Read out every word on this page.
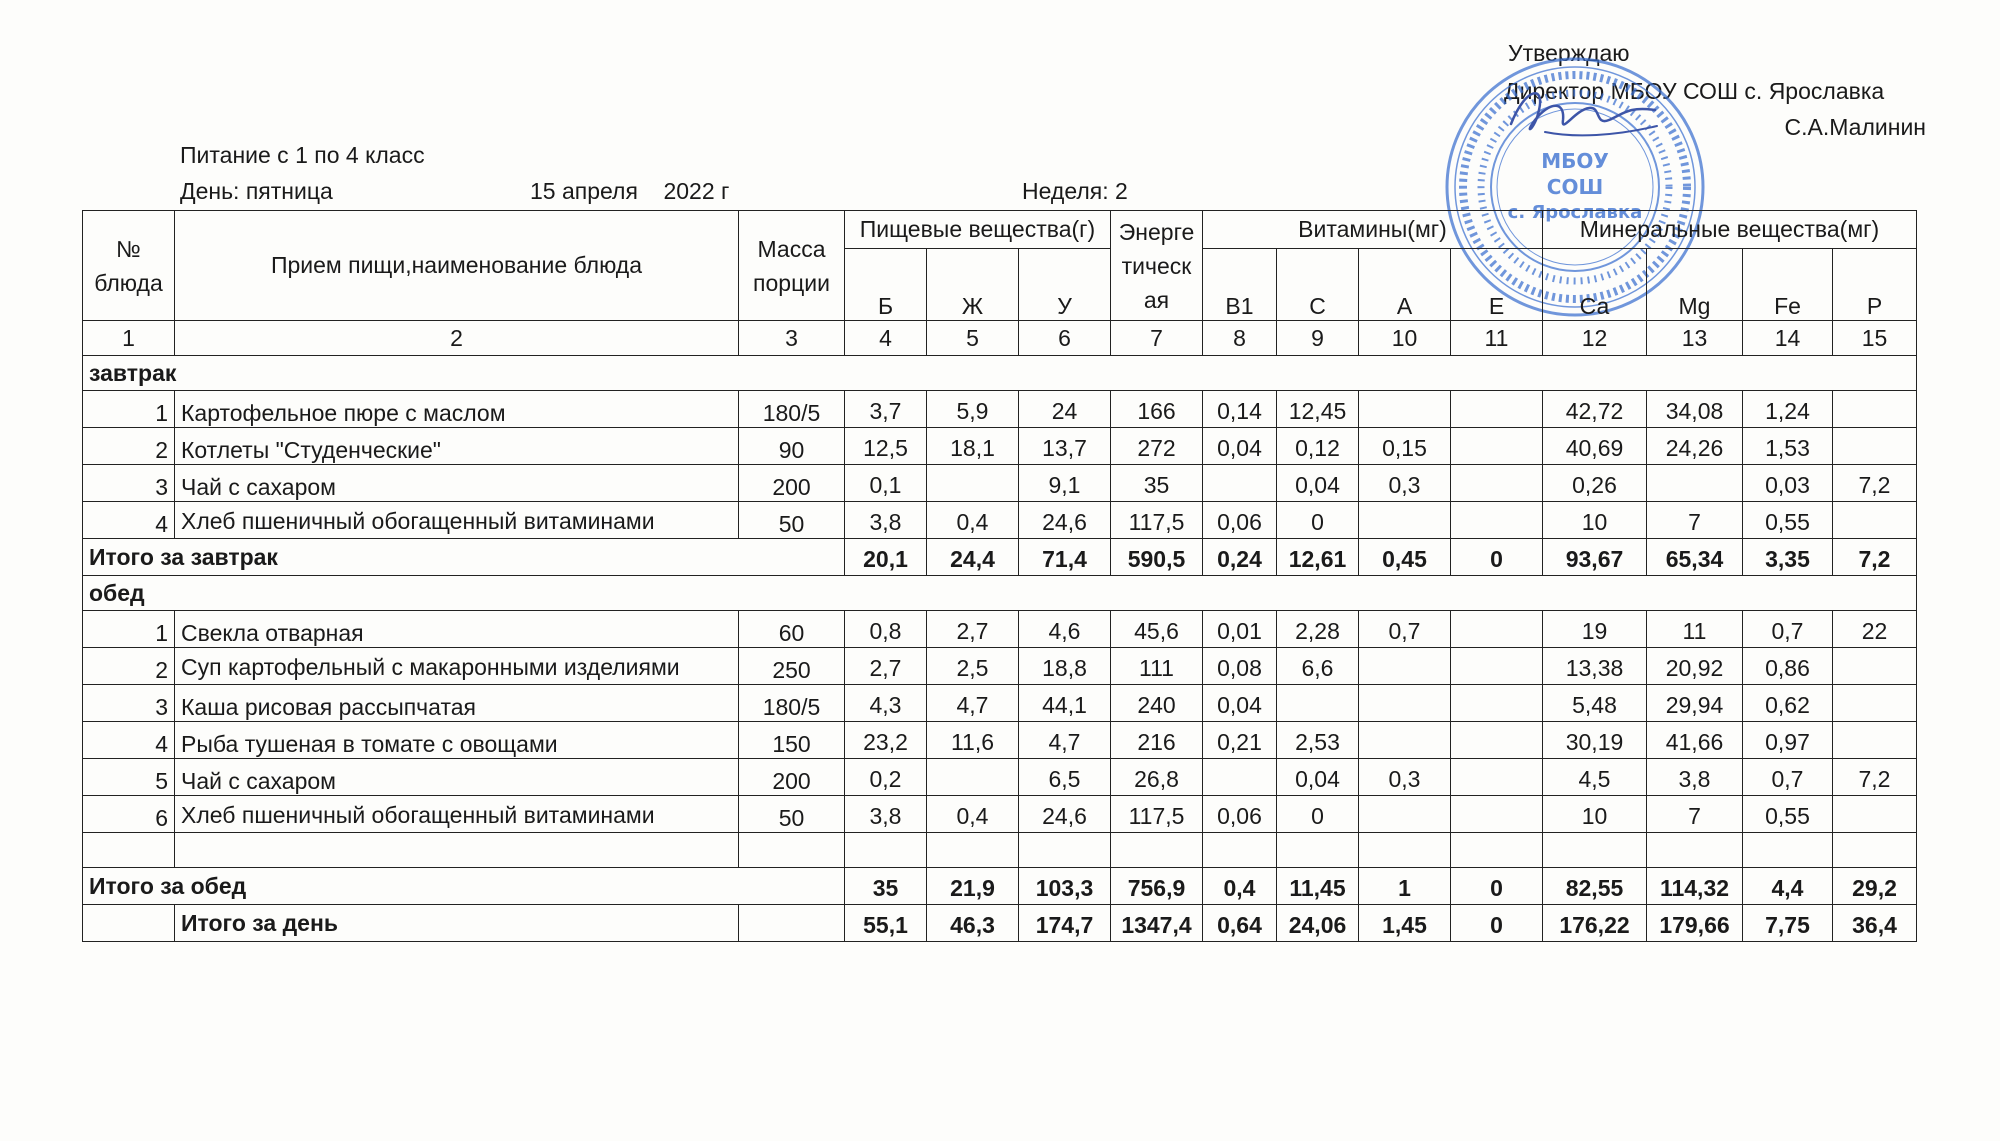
Утверждаю
Директор МБОУ СОШ с. Ярославка
С.А.Малинин
МБОУ
СОШ
с. Ярославка
Питание с 1 по 4 класс
День: пятница	15 апреля    2022 г	Неделя: 2
№ блюда	Прием пищи,наименование блюда	Масса порции	Пищевые вещества(г)			Энерге тическ ая	Витамины(мг)				Минеральные вещества(мг)			
			Б	Ж	У		В1	С	А	Е	Са	Mg	Fe	Р
1	2	3	4	5	6	7	8	9	10	11	12	13	14	15
завтрак														
1	Картофельное пюре с маслом	180/5	3,7	5,9	24	166	0,14	12,45			42,72	34,08	1,24	
2	Котлеты "Студенческие"	90	12,5	18,1	13,7	272	0,04	0,12	0,15		40,69	24,26	1,53	
3	Чай с сахаром	200	0,1		9,1	35		0,04	0,3		0,26		0,03	7,2
4	Хлеб пшеничный обогащенный витаминами	50	3,8	0,4	24,6	117,5	0,06	0			10	7	0,55	
Итого за завтрак			20,1	24,4	71,4	590,5	0,24	12,61	0,45	0	93,67	65,34	3,35	7,2
обед														
1	Свекла отварная	60	0,8	2,7	4,6	45,6	0,01	2,28	0,7		19	11	0,7	22
2	Суп картофельный с макаронными изделиями	250	2,7	2,5	18,8	111	0,08	6,6			13,38	20,92	0,86	
3	Каша рисовая рассыпчатая	180/5	4,3	4,7	44,1	240	0,04				5,48	29,94	0,62	
4	Рыба тушеная в томате с овощами	150	23,2	11,6	4,7	216	0,21	2,53			30,19	41,66	0,97	
5	Чай с сахаром	200	0,2		6,5	26,8		0,04	0,3		4,5	3,8	0,7	7,2
6	Хлеб пшеничный обогащенный витаминами	50	3,8	0,4	24,6	117,5	0,06	0			10	7	0,55	

Итого за обед			35	21,9	103,3	756,9	0,4	11,45	1	0	82,55	114,32	4,4	29,2
	Итого за день		55,1	46,3	174,7	1347,4	0,64	24,06	1,45	0	176,22	179,66	7,75	36,4
